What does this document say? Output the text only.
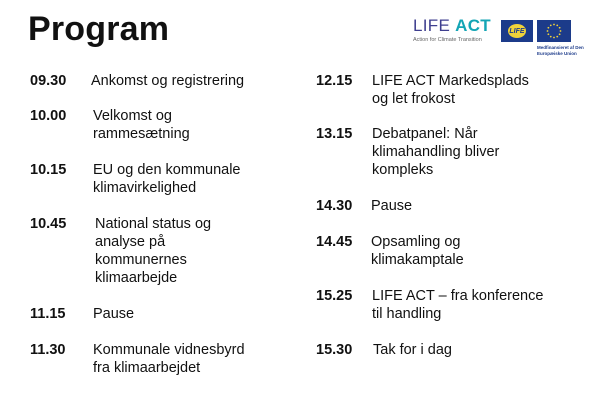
Program	LIFE ACT
Action for Climate Transition
LIFE
Medfinansieret af Den Europæiske Union
09.30 Ankomst og registrering
10.00 Velkomst og
rammesætning
10.15 EU og den kommunale
klimavirkelighed
10.45 National status og
analyse på
kommunernes
klimaarbejde
11.15 Pause
11.30 Kommunale vidnesbyrd
fra klimaarbejdet
12.15 LIFE ACT Markedsplads
og let frokost
13.15 Debatpanel: Når
klimahandling bliver
kompleks
14.30 Pause
14.45 Opsamling og
klimakamptale
15.25 LIFE ACT – fra konference
til handling
15.30 Tak for i dag
